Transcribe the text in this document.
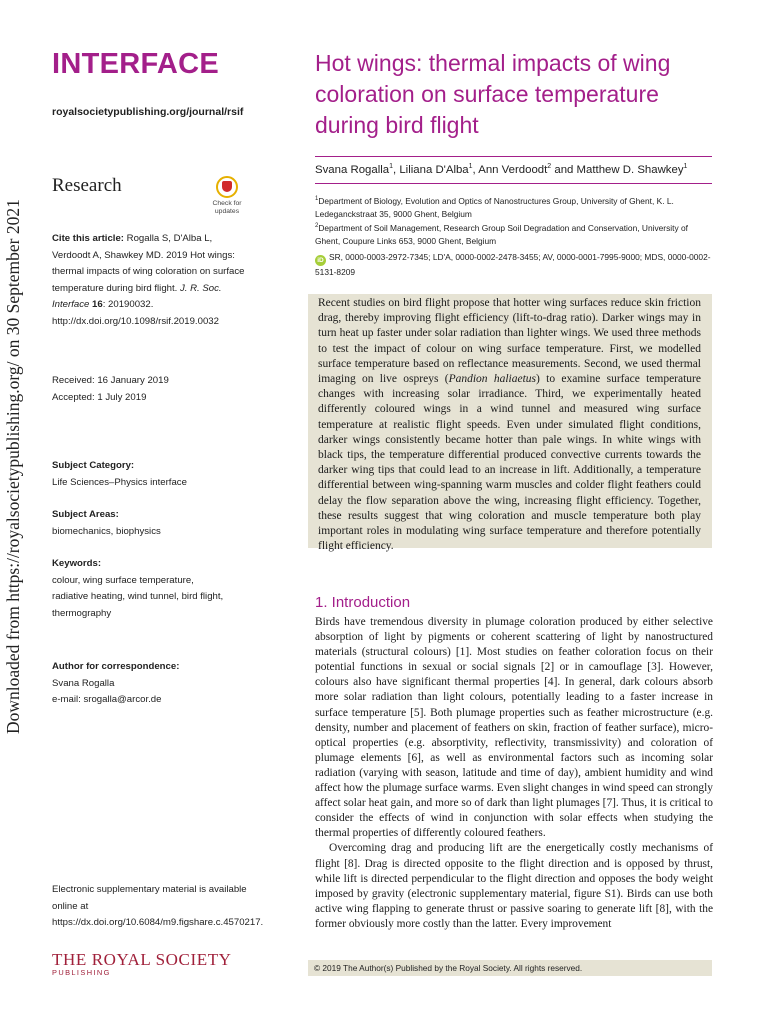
Downloaded from https://royalsocietypublishing.org/ on 30 September 2021
INTERFACE
royalsocietypublishing.org/journal/rsif
Research
Check for
updates
Cite this article: Rogalla S, D'Alba L, Verdoodt A, Shawkey MD. 2019 Hot wings: thermal impacts of wing coloration on surface temperature during bird flight. J. R. Soc. Interface 16: 20190032. http://dx.doi.org/10.1098/rsif.2019.0032
Received: 16 January 2019
Accepted: 1 July 2019
Subject Category:
Life Sciences–Physics interface
Subject Areas:
biomechanics, biophysics
Keywords:
colour, wing surface temperature,
radiative heating, wind tunnel, bird flight,
thermography
Author for correspondence:
Svana Rogalla
e-mail: srogalla@arcor.de
Electronic supplementary material is available online at https://dx.doi.org/10.6084/m9.figshare.c.4570217.
Hot wings: thermal impacts of wing coloration on surface temperature during bird flight
Svana Rogalla$^1$, Liliana D'Alba$^1$, Ann Verdoodt$^2$ and Matthew D. Shawkey$^1$
$^1$Department of Biology, Evolution and Optics of Nanostructures Group, University of Ghent, K. L. Ledeganckstraat 35, 9000 Ghent, Belgium
$^2$Department of Soil Management, Research Group Soil Degradation and Conservation, University of Ghent, Coupure Links 653, 9000 Ghent, Belgium
iD SR, 0000-0003-2972-7345; LD'A, 0000-0002-2478-3455; AV, 0000-0001-7995-9000; MDS, 0000-0002-5131-8209
Recent studies on bird flight propose that hotter wing surfaces reduce skin friction drag, thereby improving flight efficiency (lift-to-drag ratio). Darker wings may in turn heat up faster under solar radiation than lighter wings. We used three methods to test the impact of colour on wing surface temperature. First, we modelled surface temperature based on reflectance measurements. Second, we used thermal imaging on live ospreys (Pandion haliaetus) to examine surface temperature changes with increasing solar irradiance. Third, we experimentally heated differently coloured wings in a wind tunnel and measured wing surface temperature at realistic flight speeds. Even under simulated flight conditions, darker wings consistently became hotter than pale wings. In white wings with black tips, the temperature differential produced convective currents towards the darker wing tips that could lead to an increase in lift. Additionally, a temperature differential between wing-spanning warm muscles and colder flight feathers could delay the flow separation above the wing, increasing flight efficiency. Together, these results suggest that wing coloration and muscle temperature both play important roles in modulating wing surface temperature and therefore potentially flight efficiency.
1. Introduction

Birds have tremendous diversity in plumage coloration produced by either selective absorption of light by pigments or coherent scattering of light by nanostructured materials (structural colours) [1]. Most studies on feather coloration focus on their potential functions in sexual or social signals [2] or in camouflage [3]. However, colours also have significant thermal properties [4]. In general, dark colours absorb more solar radiation than light colours, potentially leading to a faster increase in surface temperature [5]. Both plumage properties such as feather microstructure (e.g. density, number and placement of feathers on skin, fraction of feather surface), micro-optical properties (e.g. absorptivity, reflectivity, transmissivity) and coloration of plumage elements [6], as well as environmental factors such as incoming solar radiation (varying with season, latitude and time of day), ambient humidity and wind affect how the plumage surface warms. Even slight changes in wind speed can strongly affect solar heat gain, and more so of dark than light plumages [7]. Thus, it is critical to consider the effects of wind in conjunction with solar effects when studying the thermal properties of differently coloured feathers.

Overcoming drag and producing lift are the energetically costly mechanisms of flight [8]. Drag is directed opposite to the flight direction and is opposed by thrust, while lift is directed perpendicular to the flight direction and opposes the body weight imposed by gravity (electronic supplementary material, figure S1). Birds can use both active wing flapping to generate thrust or passive soaring to generate lift [8], with the former obviously more costly than the latter. Every improvement

© 2019 The Author(s) Published by the Royal Society. All rights reserved.
THE ROYAL SOCIETY
PUBLISHING
